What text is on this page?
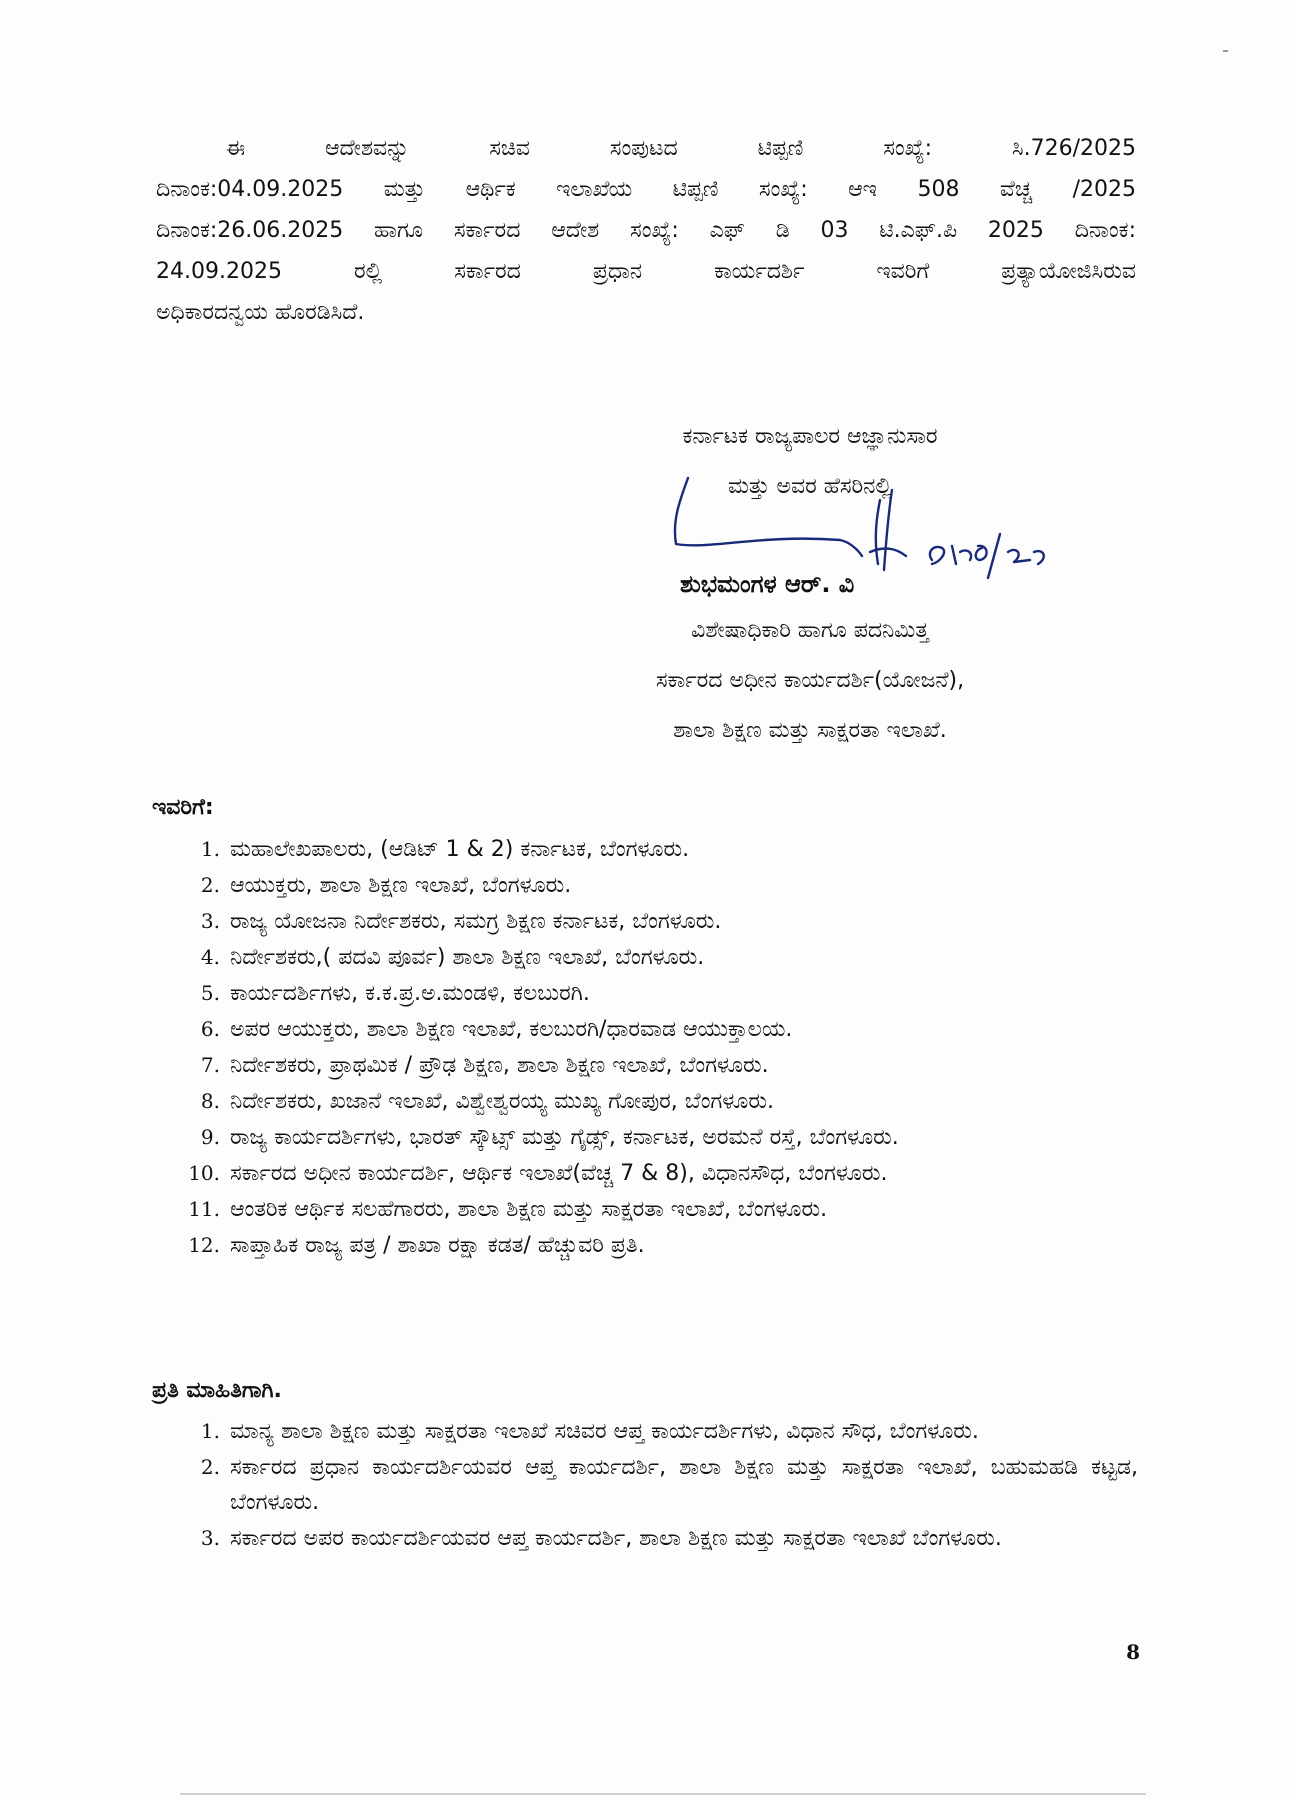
ಈ ಆದೇಶವನ್ನು ಸಚಿವ ಸಂಪುಟದ ಟಿಪ್ಪಣಿ ಸಂಖ್ಯೆ: ಸಿ.726/2025
ದಿನಾಂಕ:04.09.2025 ಮತ್ತು ಆರ್ಥಿಕ ಇಲಾಖೆಯ ಟಿಪ್ಪಣಿ ಸಂಖ್ಯೆ: ಆಇ 508 ವೆಚ್ಚ /2025
ದಿನಾಂಕ:26.06.2025 ಹಾಗೂ ಸರ್ಕಾರದ ಆದೇಶ ಸಂಖ್ಯೆ: ಎಫ್ ಡಿ 03 ಟಿ.ಎಫ್.ಪಿ 2025 ದಿನಾಂಕ:
24.09.2025 ರಲ್ಲಿ ಸರ್ಕಾರದ ಪ್ರಧಾನ ಕಾರ್ಯದರ್ಶಿ ಇವರಿಗೆ ಪ್ರತ್ಯಾಯೋಜಿಸಿರುವ
ಅಧಿಕಾರದನ್ವಯ ಹೊರಡಿಸಿದೆ.
ಕರ್ನಾಟಕ ರಾಜ್ಯಪಾಲರ ಆಜ್ಞಾನುಸಾರ
ಮತ್ತು ಅವರ ಹೆಸರಿನಲ್ಲಿ
ಶುಭಮಂಗಳ ಆರ್. ವಿ
ವಿಶೇಷಾಧಿಕಾರಿ ಹಾಗೂ ಪದನಿಮಿತ್ತ
ಸರ್ಕಾರದ ಅಧೀನ ಕಾರ್ಯದರ್ಶಿ(ಯೋಜನೆ),
ಶಾಲಾ ಶಿಕ್ಷಣ ಮತ್ತು ಸಾಕ್ಷರತಾ ಇಲಾಖೆ.
ಇವರಿಗೆ:
1. ಮಹಾಲೇಖಪಾಲರು, (ಆಡಿಟ್ 1 & 2) ಕರ್ನಾಟಕ, ಬೆಂಗಳೂರು.
2. ಆಯುಕ್ತರು, ಶಾಲಾ ಶಿಕ್ಷಣ ಇಲಾಖೆ, ಬೆಂಗಳೂರು.
3. ರಾಜ್ಯ ಯೋಜನಾ ನಿರ್ದೇಶಕರು, ಸಮಗ್ರ ಶಿಕ್ಷಣ ಕರ್ನಾಟಕ, ಬೆಂಗಳೂರು.
4. ನಿರ್ದೇಶಕರು,( ಪದವಿ ಪೂರ್ವ) ಶಾಲಾ ಶಿಕ್ಷಣ ಇಲಾಖೆ, ಬೆಂಗಳೂರು.
5. ಕಾರ್ಯದರ್ಶಿಗಳು, ಕ.ಕ.ಪ್ರ.ಅ.ಮಂಡಳಿ, ಕಲಬುರಗಿ.
6. ಅಪರ ಆಯುಕ್ತರು, ಶಾಲಾ ಶಿಕ್ಷಣ ಇಲಾಖೆ, ಕಲಬುರಗಿ/ಧಾರವಾಡ ಆಯುಕ್ತಾಲಯ.
7. ನಿರ್ದೇಶಕರು, ಪ್ರಾಥಮಿಕ / ಪ್ರೌಢ ಶಿಕ್ಷಣ, ಶಾಲಾ ಶಿಕ್ಷಣ ಇಲಾಖೆ, ಬೆಂಗಳೂರು.
8. ನಿರ್ದೇಶಕರು, ಖಜಾನೆ ಇಲಾಖೆ, ವಿಶ್ವೇಶ್ವರಯ್ಯ ಮುಖ್ಯ ಗೋಪುರ, ಬೆಂಗಳೂರು.
9. ರಾಜ್ಯ ಕಾರ್ಯದರ್ಶಿಗಳು, ಭಾರತ್ ಸ್ಕೌಟ್ಸ್ ಮತ್ತು ಗೈಡ್ಸ್, ಕರ್ನಾಟಕ, ಅರಮನೆ ರಸ್ತೆ, ಬೆಂಗಳೂರು.
10. ಸರ್ಕಾರದ ಅಧೀನ ಕಾರ್ಯದರ್ಶಿ, ಆರ್ಥಿಕ ಇಲಾಖೆ(ವೆಚ್ಚ 7 & 8), ವಿಧಾನಸೌಧ, ಬೆಂಗಳೂರು.
11. ಆಂತರಿಕ ಆರ್ಥಿಕ ಸಲಹೆಗಾರರು, ಶಾಲಾ ಶಿಕ್ಷಣ ಮತ್ತು ಸಾಕ್ಷರತಾ ಇಲಾಖೆ, ಬೆಂಗಳೂರು.
12. ಸಾಪ್ತಾಹಿಕ ರಾಜ್ಯ ಪತ್ರ / ಶಾಖಾ ರಕ್ಷಾ ಕಡತ/ ಹೆಚ್ಚುವರಿ ಪ್ರತಿ.
ಪ್ರತಿ ಮಾಹಿತಿಗಾಗಿ.
1. ಮಾನ್ಯ ಶಾಲಾ ಶಿಕ್ಷಣ ಮತ್ತು ಸಾಕ್ಷರತಾ ಇಲಾಖೆ ಸಚಿವರ ಆಪ್ತ ಕಾರ್ಯದರ್ಶಿಗಳು, ವಿಧಾನ ಸೌಧ, ಬೆಂಗಳೂರು.
2. ಸರ್ಕಾರದ ಪ್ರಧಾನ ಕಾರ್ಯದರ್ಶಿಯವರ ಆಪ್ತ ಕಾರ್ಯದರ್ಶಿ, ಶಾಲಾ ಶಿಕ್ಷಣ ಮತ್ತು ಸಾಕ್ಷರತಾ ಇಲಾಖೆ, ಬಹುಮಹಡಿ ಕಟ್ಟಡ, ಬೆಂಗಳೂರು.
3. ಸರ್ಕಾರದ ಅಪರ ಕಾರ್ಯದರ್ಶಿಯವರ ಆಪ್ತ ಕಾರ್ಯದರ್ಶಿ, ಶಾಲಾ ಶಿಕ್ಷಣ ಮತ್ತು ಸಾಕ್ಷರತಾ ಇಲಾಖೆ ಬೆಂಗಳೂರು.
8
